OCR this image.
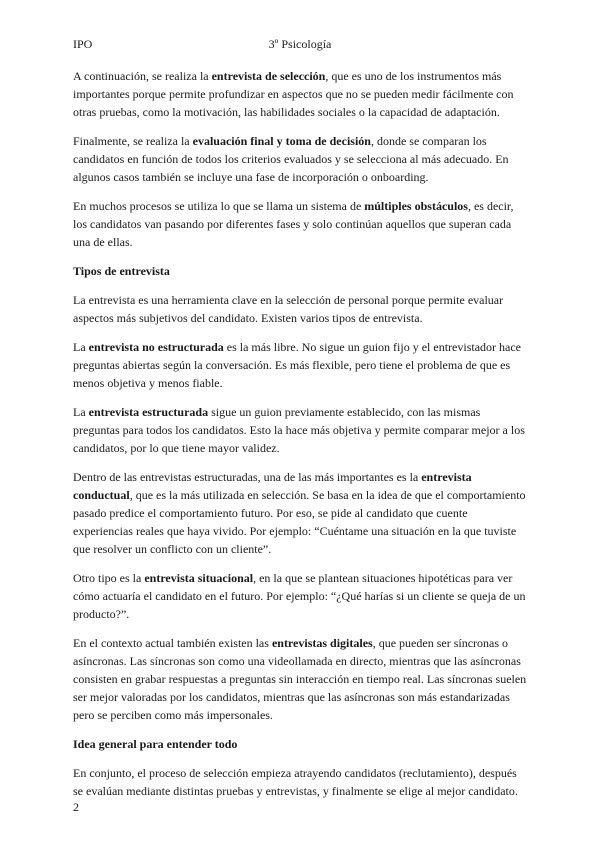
IPO	3º Psicología

A continuación, se realiza la entrevista de selección, que es uno de los instrumentos más importantes porque permite profundizar en aspectos que no se pueden medir fácilmente con otras pruebas, como la motivación, las habilidades sociales o la capacidad de adaptación.

Finalmente, se realiza la evaluación final y toma de decisión, donde se comparan los candidatos en función de todos los criterios evaluados y se selecciona al más adecuado. En algunos casos también se incluye una fase de incorporación o onboarding.

En muchos procesos se utiliza lo que se llama un sistema de múltiples obstáculos, es decir, los candidatos van pasando por diferentes fases y solo continúan aquellos que superan cada una de ellas.

Tipos de entrevista

La entrevista es una herramienta clave en la selección de personal porque permite evaluar aspectos más subjetivos del candidato. Existen varios tipos de entrevista.

La entrevista no estructurada es la más libre. No sigue un guion fijo y el entrevistador hace preguntas abiertas según la conversación. Es más flexible, pero tiene el problema de que es menos objetiva y menos fiable.

La entrevista estructurada sigue un guion previamente establecido, con las mismas preguntas para todos los candidatos. Esto la hace más objetiva y permite comparar mejor a los candidatos, por lo que tiene mayor validez.

Dentro de las entrevistas estructuradas, una de las más importantes es la entrevista conductual, que es la más utilizada en selección. Se basa en la idea de que el comportamiento pasado predice el comportamiento futuro. Por eso, se pide al candidato que cuente experiencias reales que haya vivido. Por ejemplo: “Cuéntame una situación en la que tuviste que resolver un conflicto con un cliente”.

Otro tipo es la entrevista situacional, en la que se plantean situaciones hipotéticas para ver cómo actuaría el candidato en el futuro. Por ejemplo: “¿Qué harías si un cliente se queja de un producto?”.

En el contexto actual también existen las entrevistas digitales, que pueden ser síncronas o asíncronas. Las síncronas son como una videollamada en directo, mientras que las asíncronas consisten en grabar respuestas a preguntas sin interacción en tiempo real. Las síncronas suelen ser mejor valoradas por los candidatos, mientras que las asíncronas son más estandarizadas pero se perciben como más impersonales.

Idea general para entender todo

En conjunto, el proceso de selección empieza atrayendo candidatos (reclutamiento), después se evalúan mediante distintas pruebas y entrevistas, y finalmente se elige al mejor candidato.

2
